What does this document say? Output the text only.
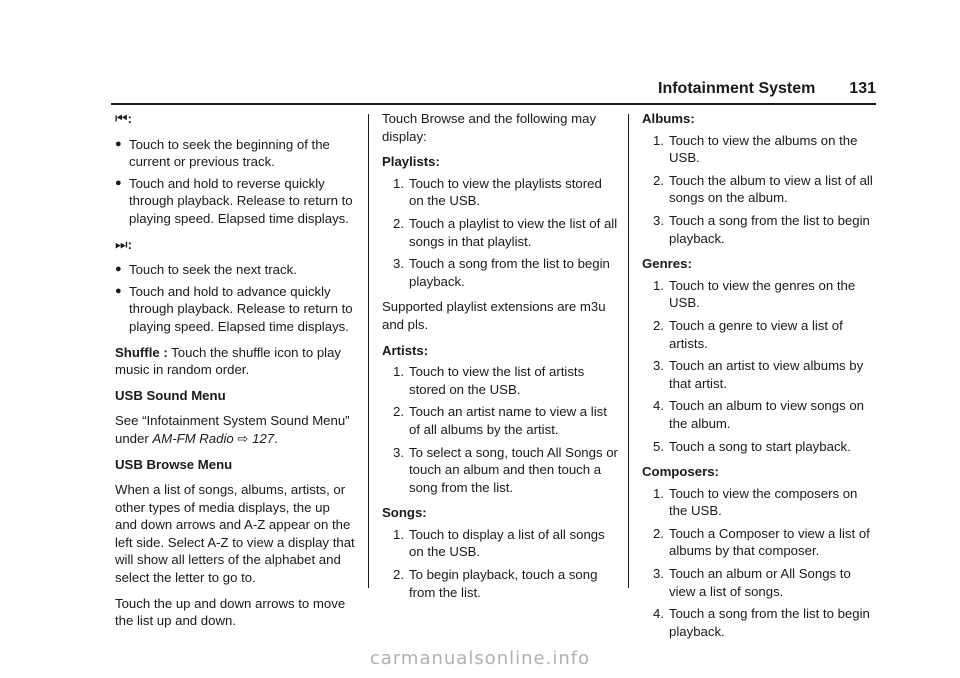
Infotainment System 131

⏮:

● Touch to seek the beginning of the current or previous track.
● Touch and hold to reverse quickly through playback. Release to return to playing speed. Elapsed time displays.

⏭:

● Touch to seek the next track.
● Touch and hold to advance quickly through playback. Release to return to playing speed. Elapsed time displays.

Shuffle : Touch the shuffle icon to play music in random order.

USB Sound Menu

See “Infotainment System Sound Menu” under AM-FM Radio ⇨ 127.

USB Browse Menu

When a list of songs, albums, artists, or other types of media displays, the up and down arrows and A-Z appear on the left side. Select A-Z to view a display that will show all letters of the alphabet and select the letter to go to.

Touch the up and down arrows to move the list up and down.

Touch Browse and the following may display:

Playlists:

1. Touch to view the playlists stored on the USB.
2. Touch a playlist to view the list of all songs in that playlist.
3. Touch a song from the list to begin playback.

Supported playlist extensions are m3u and pls.

Artists:

1. Touch to view the list of artists stored on the USB.
2. Touch an artist name to view a list of all albums by the artist.
3. To select a song, touch All Songs or touch an album and then touch a song from the list.

Songs:

1. Touch to display a list of all songs on the USB.
2. To begin playback, touch a song from the list.

Albums:

1. Touch to view the albums on the USB.
2. Touch the album to view a list of all songs on the album.
3. Touch a song from the list to begin playback.

Genres:

1. Touch to view the genres on the USB.
2. Touch a genre to view a list of artists.
3. Touch an artist to view albums by that artist.
4. Touch an album to view songs on the album.
5. Touch a song to start playback.

Composers:

1. Touch to view the composers on the USB.
2. Touch a Composer to view a list of albums by that composer.
3. Touch an album or All Songs to view a list of songs.
4. Touch a song from the list to begin playback.
carmanualsonline.info
